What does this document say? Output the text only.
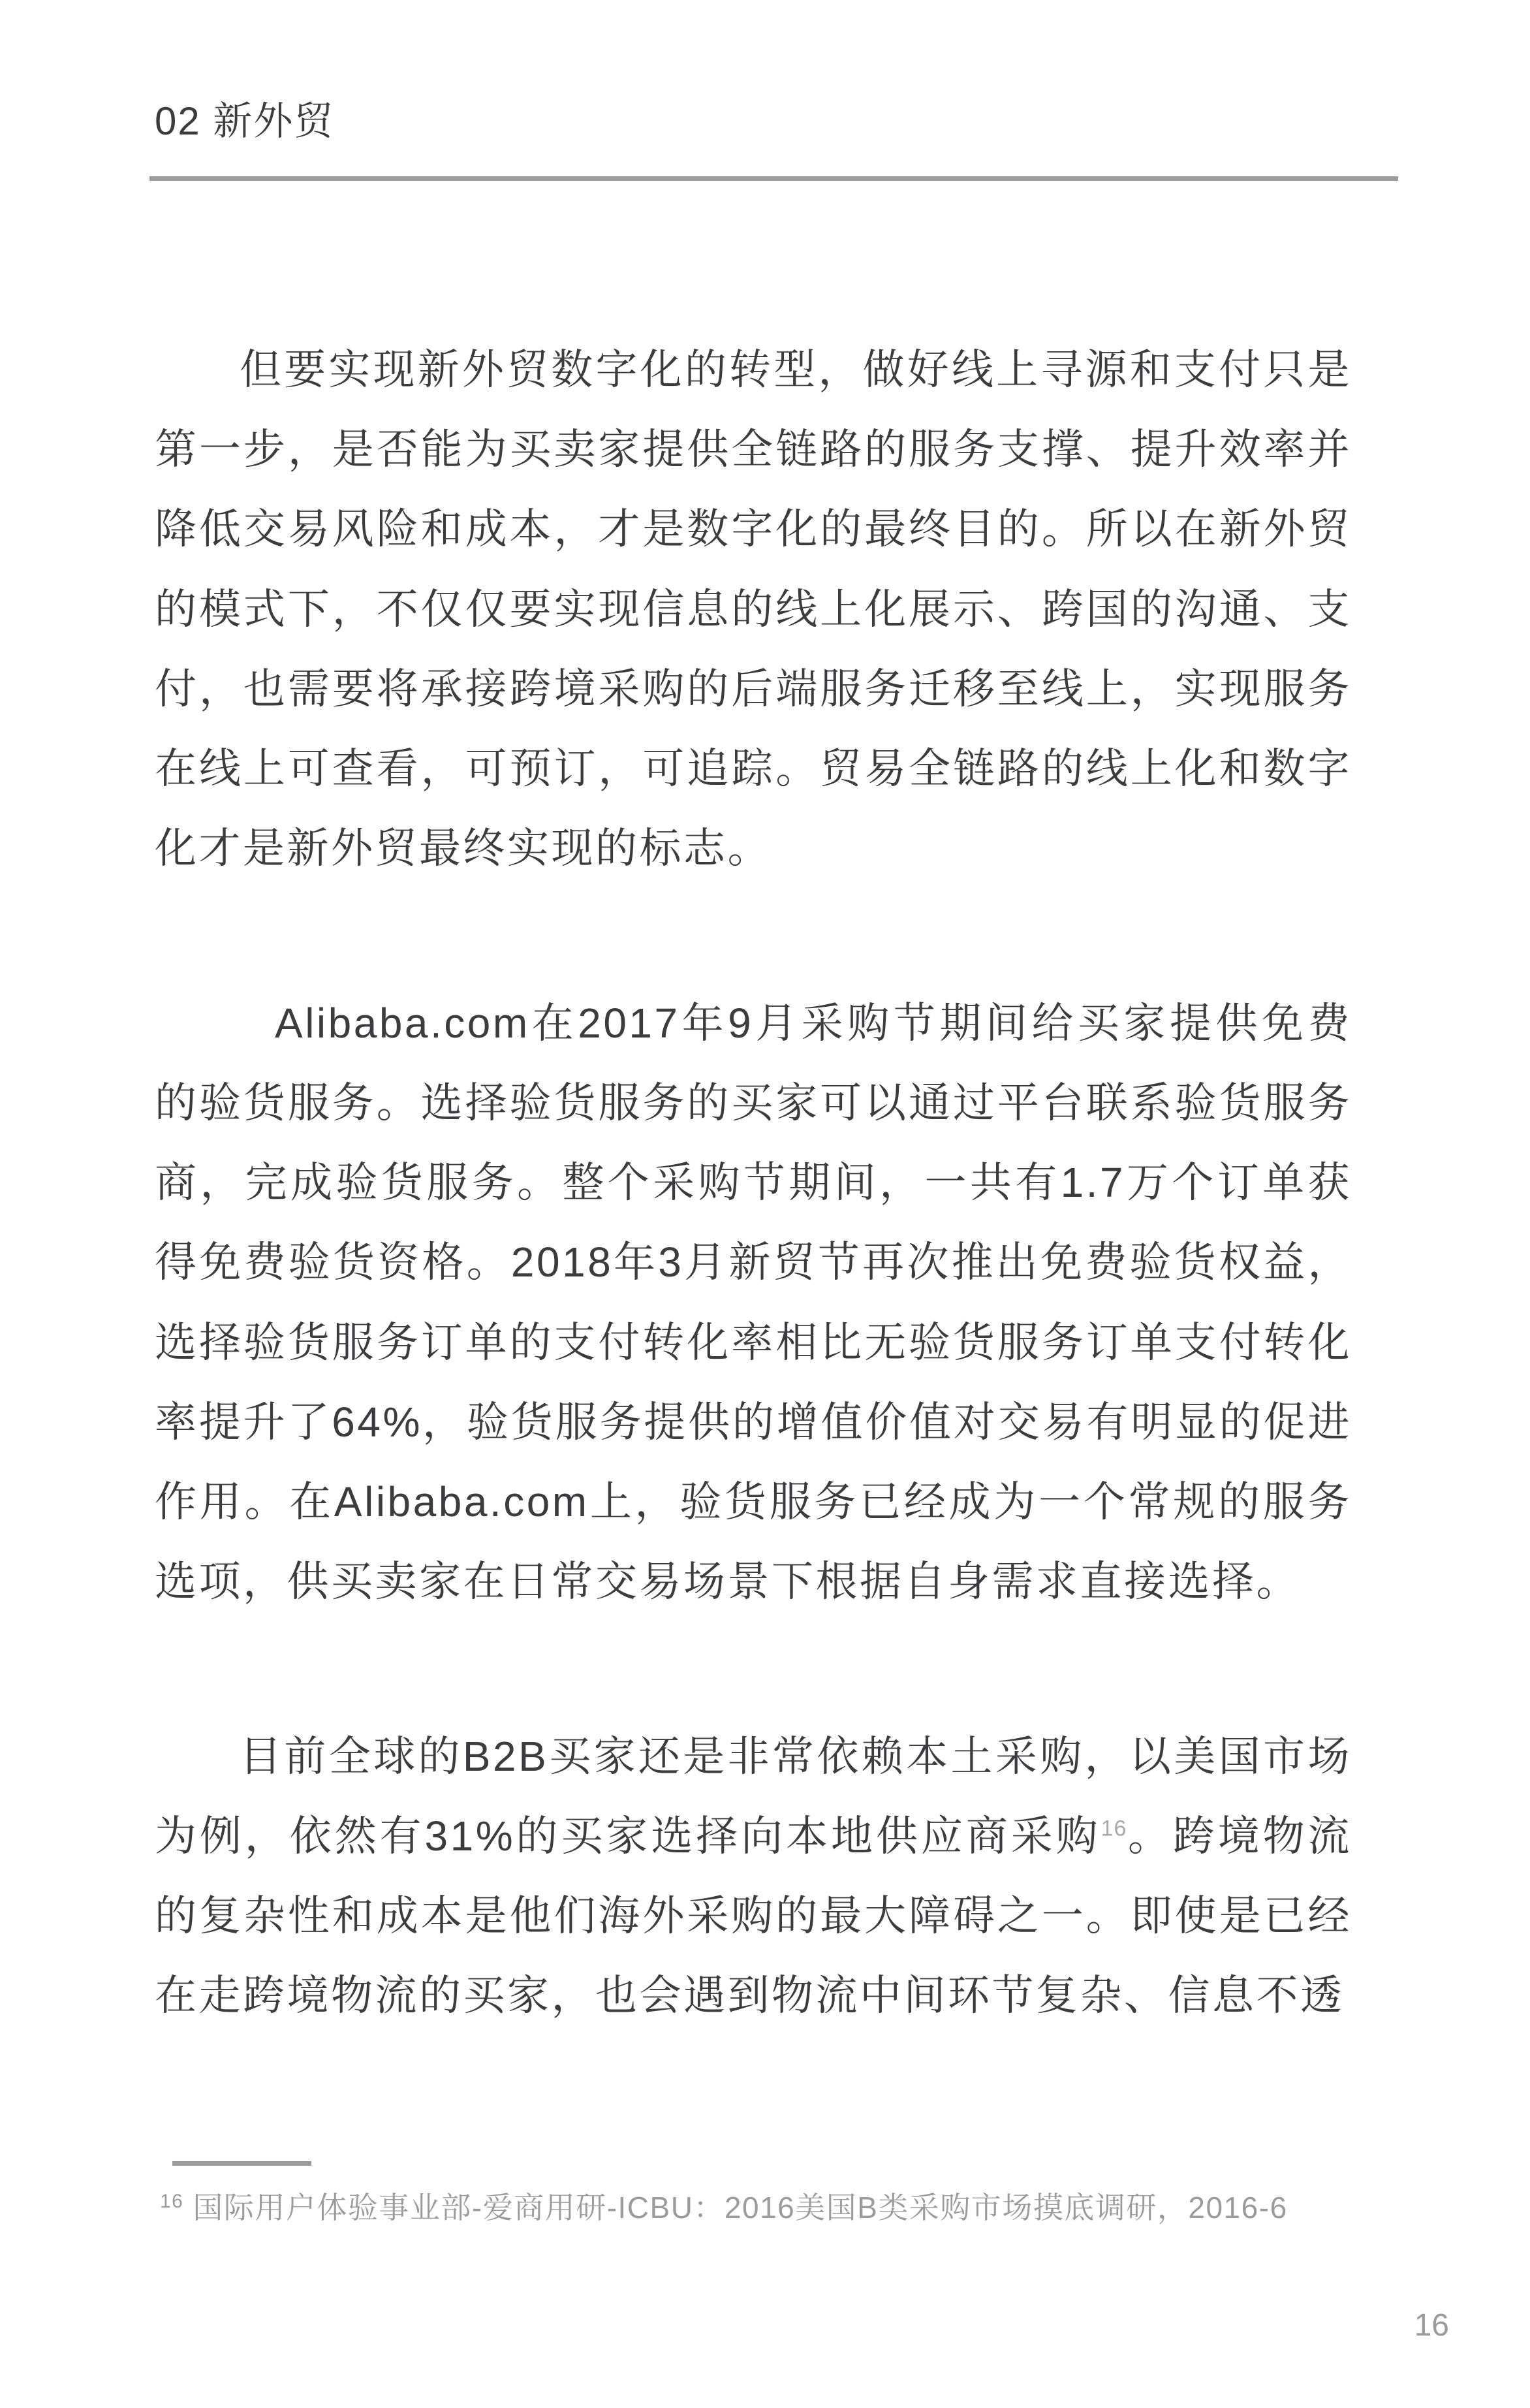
02 新外贸

但要实现新外贸数字化的转型，做好线上寻源和支付只是第一步，是否能为买卖家提供全链路的服务支撑、提升效率并降低交易风险和成本，才是数字化的最终目的。所以在新外贸的模式下，不仅仅要实现信息的线上化展示、跨国的沟通、支付，也需要将承接跨境采购的后端服务迁移至线上，实现服务在线上可查看，可预订，可追踪。贸易全链路的线上化和数字化才是新外贸最终实现的标志。

Alibaba.com在2017年9月采购节期间给买家提供免费的验货服务。选择验货服务的买家可以通过平台联系验货服务商，完成验货服务。整个采购节期间，一共有1.7万个订单获得免费验货资格。2018年3月新贸节再次推出免费验货权益，选择验货服务订单的支付转化率相比无验货服务订单支付转化率提升了64%，验货服务提供的增值价值对交易有明显的促进作用。在Alibaba.com上，验货服务已经成为一个常规的服务选项，供买卖家在日常交易场景下根据自身需求直接选择。

目前全球的B2B买家还是非常依赖本土采购，以美国市场为例，依然有31%的买家选择向本地供应商采购$^{16}$。跨境物流的复杂性和成本是他们海外采购的最大障碍之一。即使是已经在走跨境物流的买家，也会遇到物流中间环节复杂、信息不透

$^{16}$ 国际用户体验事业部-爱商用研-ICBU：2016美国B类采购市场摸底调研，2016-6

16
